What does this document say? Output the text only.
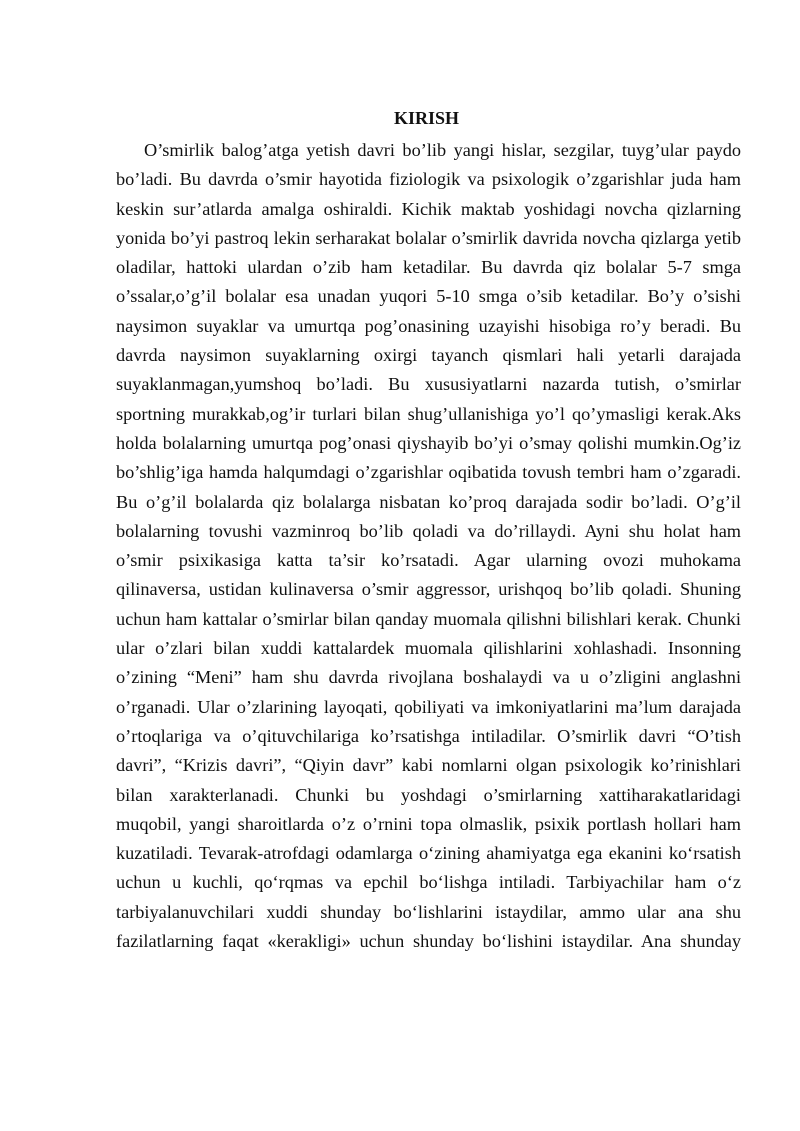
KIRISH
O’smirlik balog’atga yetish davri bo’lib yangi hislar, sezgilar, tuyg’ular paydo
bo’ladi. Bu davrda o’smir hayotida fiziologik va psixologik o’zgarishlar juda ham
keskin sur’atlarda amalga oshiraldi. Kichik maktab yoshidagi novcha qizlarning
yonida bo’yi pastroq lekin serharakat bolalar o’smirlik davrida novcha qizlarga yetib
oladilar, hattoki ulardan o’zib ham ketadilar. Bu davrda qiz bolalar 5-7 smga
o’ssalar,o’g’il bolalar esa unadan yuqori 5-10 smga o’sib ketadilar. Bo’y o’sishi
naysimon suyaklar va umurtqa pog’onasining uzayishi hisobiga ro’y beradi. Bu
davrda naysimon suyaklarning oxirgi tayanch qismlari hali yetarli darajada
suyaklanmagan,yumshoq bo’ladi. Bu xususiyatlarni nazarda tutish, o’smirlar
sportning murakkab,og’ir turlari bilan shug’ullanishiga yo’l qo’ymasligi kerak.Aks
holda bolalarning umurtqa pog’onasi qiyshayib bo’yi o’smay qolishi mumkin.Og’iz
bo’shlig’iga hamda halqumdagi o’zgarishlar oqibatida tovush tembri ham o’zgaradi.
Bu o’g’il bolalarda qiz bolalarga nisbatan ko’proq darajada sodir bo’ladi. O’g’il
bolalarning tovushi vazminroq bo’lib qoladi va do’rillaydi. Ayni shu holat ham
o’smir psixikasiga katta ta’sir ko’rsatadi. Agar ularning ovozi muhokama
qilinaversa, ustidan kulinaversa o’smir aggressor, urishqoq bo’lib qoladi. Shuning
uchun ham kattalar o’smirlar bilan qanday muomala qilishni bilishlari kerak. Chunki
ular o’zlari bilan xuddi kattalardek muomala qilishlarini xohlashadi. Insonning
o’zining “Meni” ham shu davrda rivojlana boshalaydi va u o’zligini anglashni
o’rganadi. Ular o’zlarining layoqati, qobiliyati va imkoniyatlarini ma’lum darajada
o’rtoqlariga va o’qituvchilariga ko’rsatishga intiladilar. O’smirlik davri “O’tish
davri”, “Krizis davri”, “Qiyin davr” kabi nomlarni olgan psixologik ko’rinishlari
bilan xarakterlanadi. Chunki bu yoshdagi o’smirlarning xattiharakatlaridagi
muqobil, yangi sharoitlarda o’z o’rnini topa olmaslik, psixik portlash hollari ham
kuzatiladi. Tevarak-atrofdagi odamlarga o‘zining ahamiyatga ega ekanini ko‘rsatish
uchun u kuchli, qo‘rqmas va epchil bo‘lishga intiladi. Tarbiyachilar ham o‘z
tarbiyalanuvchilari xuddi shunday bo‘lishlarini istaydilar, ammo ular ana shu
fazilatlarning faqat «kerakligi» uchun shunday bo‘lishini istaydilar. Ana shunday
